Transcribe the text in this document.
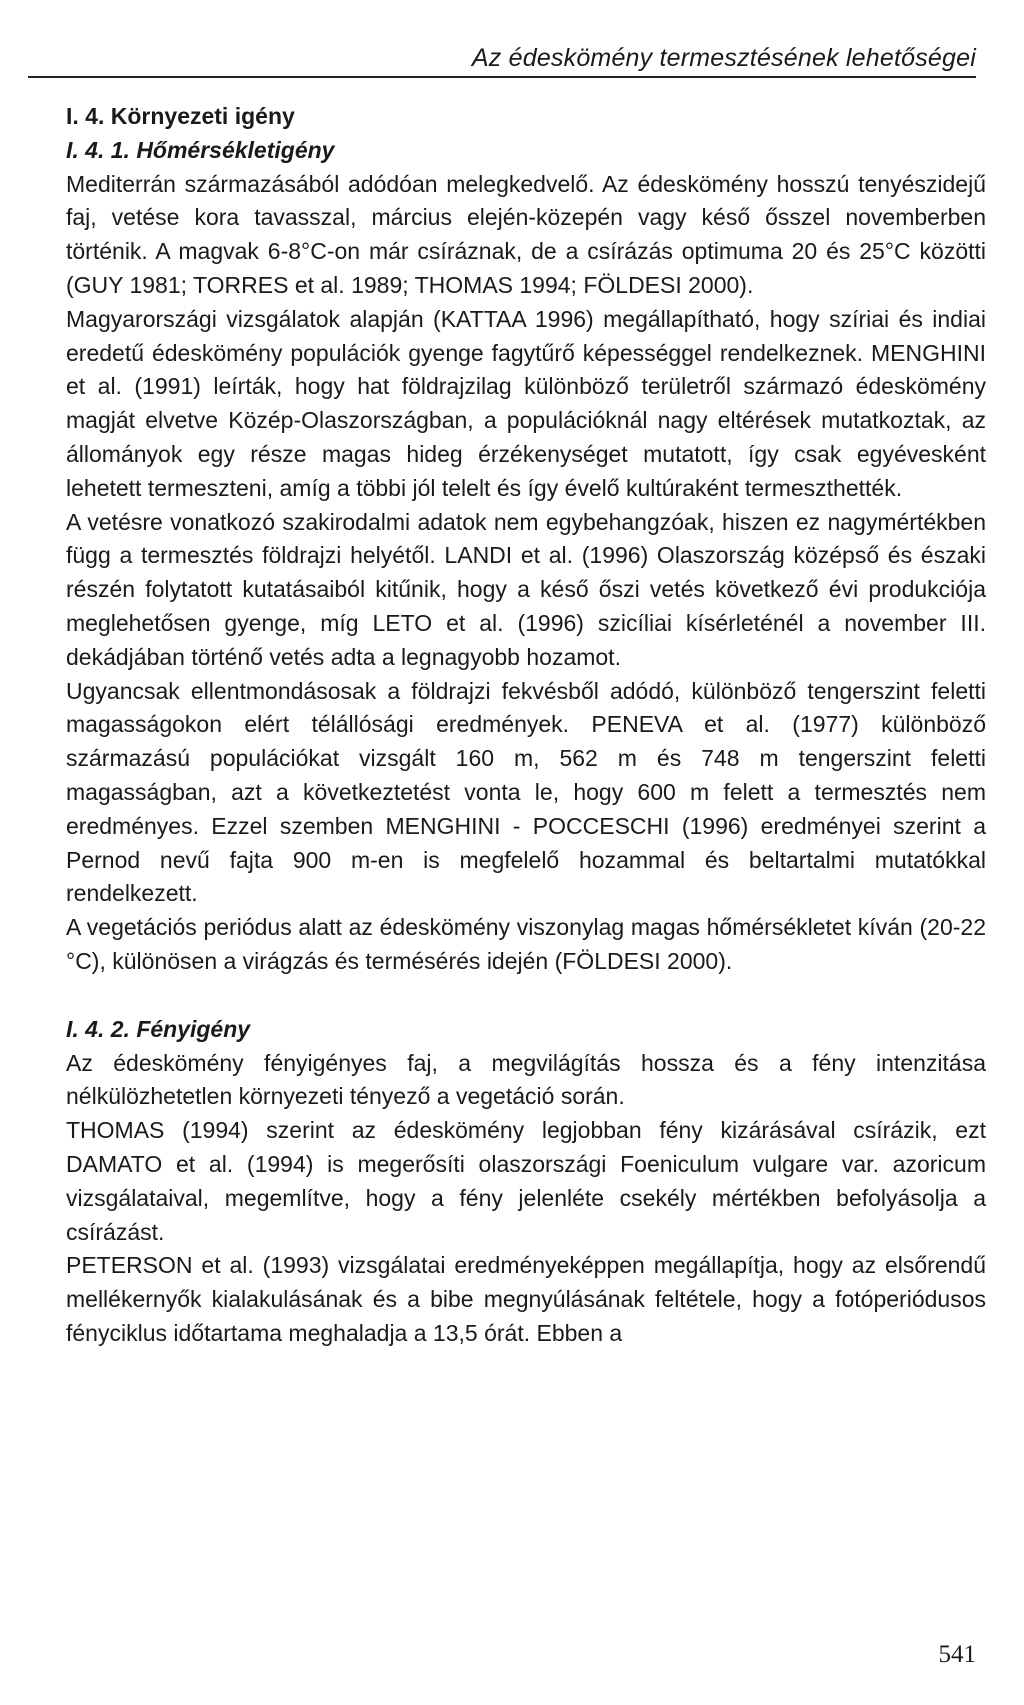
Az édeskömény termesztésének lehetőségei
I. 4. Környezeti igény
I. 4. 1. Hőmérsékletigény

Mediterrán származásából adódóan melegkedvelő. Az édeskömény hosszú tenyészidejű faj, vetése kora tavasszal, március elején-közepén vagy késő ősszel novemberben történik. A magvak 6-8°C-on már csíráznak, de a csírázás optimuma 20 és 25°C közötti (GUY 1981; TORRES et al. 1989; THOMAS 1994; FÖLDESI 2000).

Magyarországi vizsgálatok alapján (KATTAA 1996) megállapítható, hogy szíriai és indiai eredetű édeskömény populációk gyenge fagytűrő képességgel rendelkeznek. MENGHINI et al. (1991) leírták, hogy hat földrajzilag különböző területről származó édeskömény magját elvetve Közép-Olaszországban, a populációknál nagy eltérések mutatkoztak, az állományok egy része magas hideg érzékenységet mutatott, így csak egyévesként lehetett termeszteni, amíg a többi jól telelt és így évelő kultúraként termeszthették.

A vetésre vonatkozó szakirodalmi adatok nem egybehangzóak, hiszen ez nagymértékben függ a termesztés földrajzi helyétől. LANDI et al. (1996) Olaszország középső és északi részén folytatott kutatásaiból kitűnik, hogy a késő őszi vetés következő évi produkciója meglehetősen gyenge, míg LETO et al. (1996) szicíliai kísérleténél a november III. dekádjában történő vetés adta a legnagyobb hozamot.

Ugyancsak ellentmondásosak a földrajzi fekvésből adódó, különböző tengerszint feletti magasságokon elért télállósági eredmények. PENEVA et al. (1977) különböző származású populációkat vizsgált 160 m, 562 m és 748 m tengerszint feletti magasságban, azt a következtetést vonta le, hogy 600 m felett a termesztés nem eredményes. Ezzel szemben MENGHINI - POCCESCHI (1996) eredményei szerint a Pernod nevű fajta 900 m-en is megfelelő hozammal és beltartalmi mutatókkal rendelkezett.

A vegetációs periódus alatt az édeskömény viszonylag magas hőmérsékletet kíván (20-22 °C), különösen a virágzás és termésérés idején (FÖLDESI 2000).

I. 4. 2. Fényigény

Az édeskömény fényigényes faj, a megvilágítás hossza és a fény intenzitása nélkülözhetetlen környezeti tényező a vegetáció során.

THOMAS (1994) szerint az édeskömény legjobban fény kizárásával csírázik, ezt DAMATO et al. (1994) is megerősíti olaszországi Foeniculum vulgare var. azoricum vizsgálataival, megemlítve, hogy a fény jelenléte csekély mértékben befolyásolja a csírázást.

PETERSON et al. (1993) vizsgálatai eredményeképpen megállapítja, hogy az elsőrendű mellékernyők kialakulásának és a bibe megnyúlásának feltétele, hogy a fotóperiódusos fényciklus időtartama meghaladja a 13,5 órát. Ebben a

541
